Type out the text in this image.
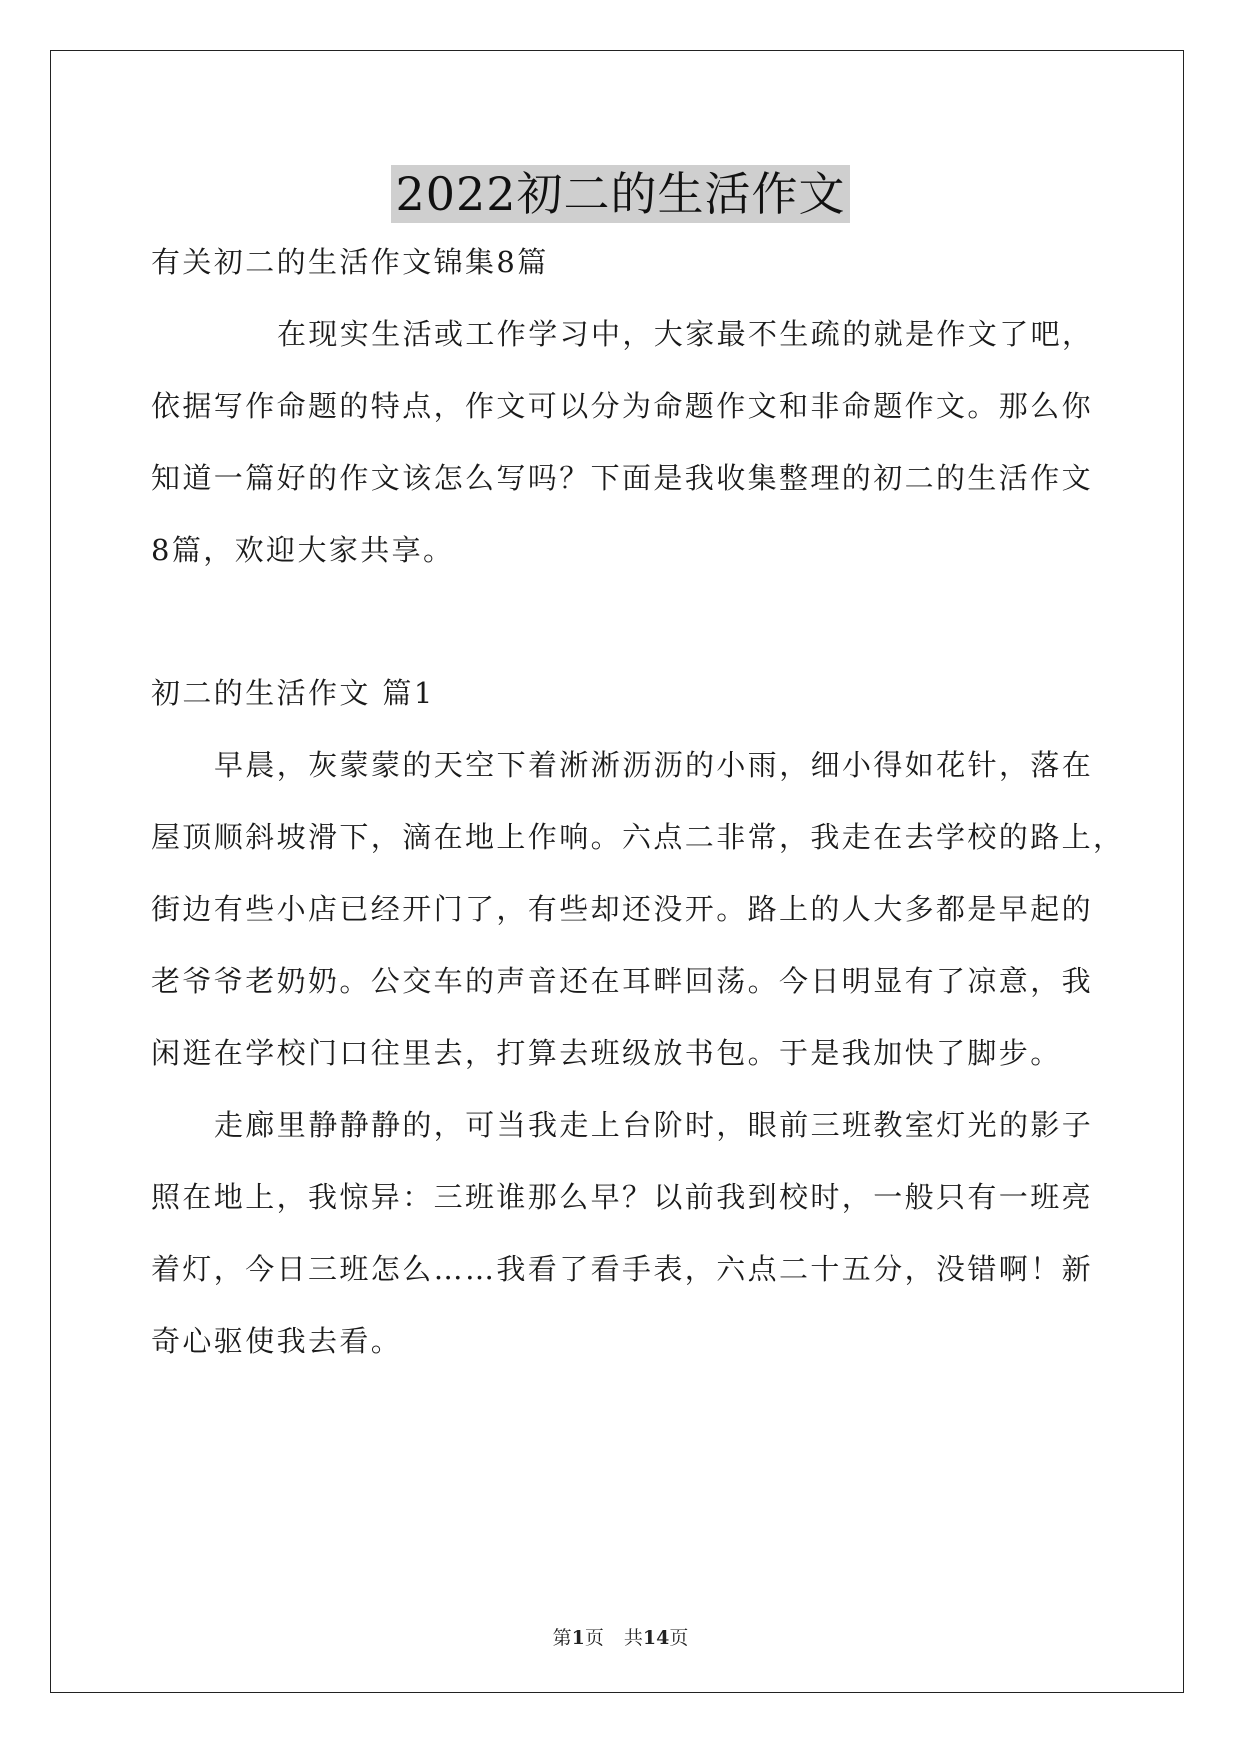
2022初二的生活作文
有关初二的生活作文锦集8篇
在现实生活或工作学习中，大家最不生疏的就是作文了吧，
依据写作命题的特点，作文可以分为命题作文和非命题作文。那么你
知道一篇好的作文该怎么写吗？下面是我收集整理的初二的生活作文
8篇，欢迎大家共享。
初二的生活作文 篇1
早晨，灰蒙蒙的天空下着淅淅沥沥的小雨，细小得如花针，落在
屋顶顺斜坡滑下，滴在地上作响。六点二非常，我走在去学校的路上，
街边有些小店已经开门了，有些却还没开。路上的人大多都是早起的
老爷爷老奶奶。公交车的声音还在耳畔回荡。今日明显有了凉意，我
闲逛在学校门口往里去，打算去班级放书包。于是我加快了脚步。
走廊里静静静的，可当我走上台阶时，眼前三班教室灯光的影子
照在地上，我惊异：三班谁那么早？以前我到校时，一般只有一班亮
着灯，今日三班怎么……我看了看手表，六点二十五分，没错啊！新
奇心驱使我去看。
第1页 共14页
